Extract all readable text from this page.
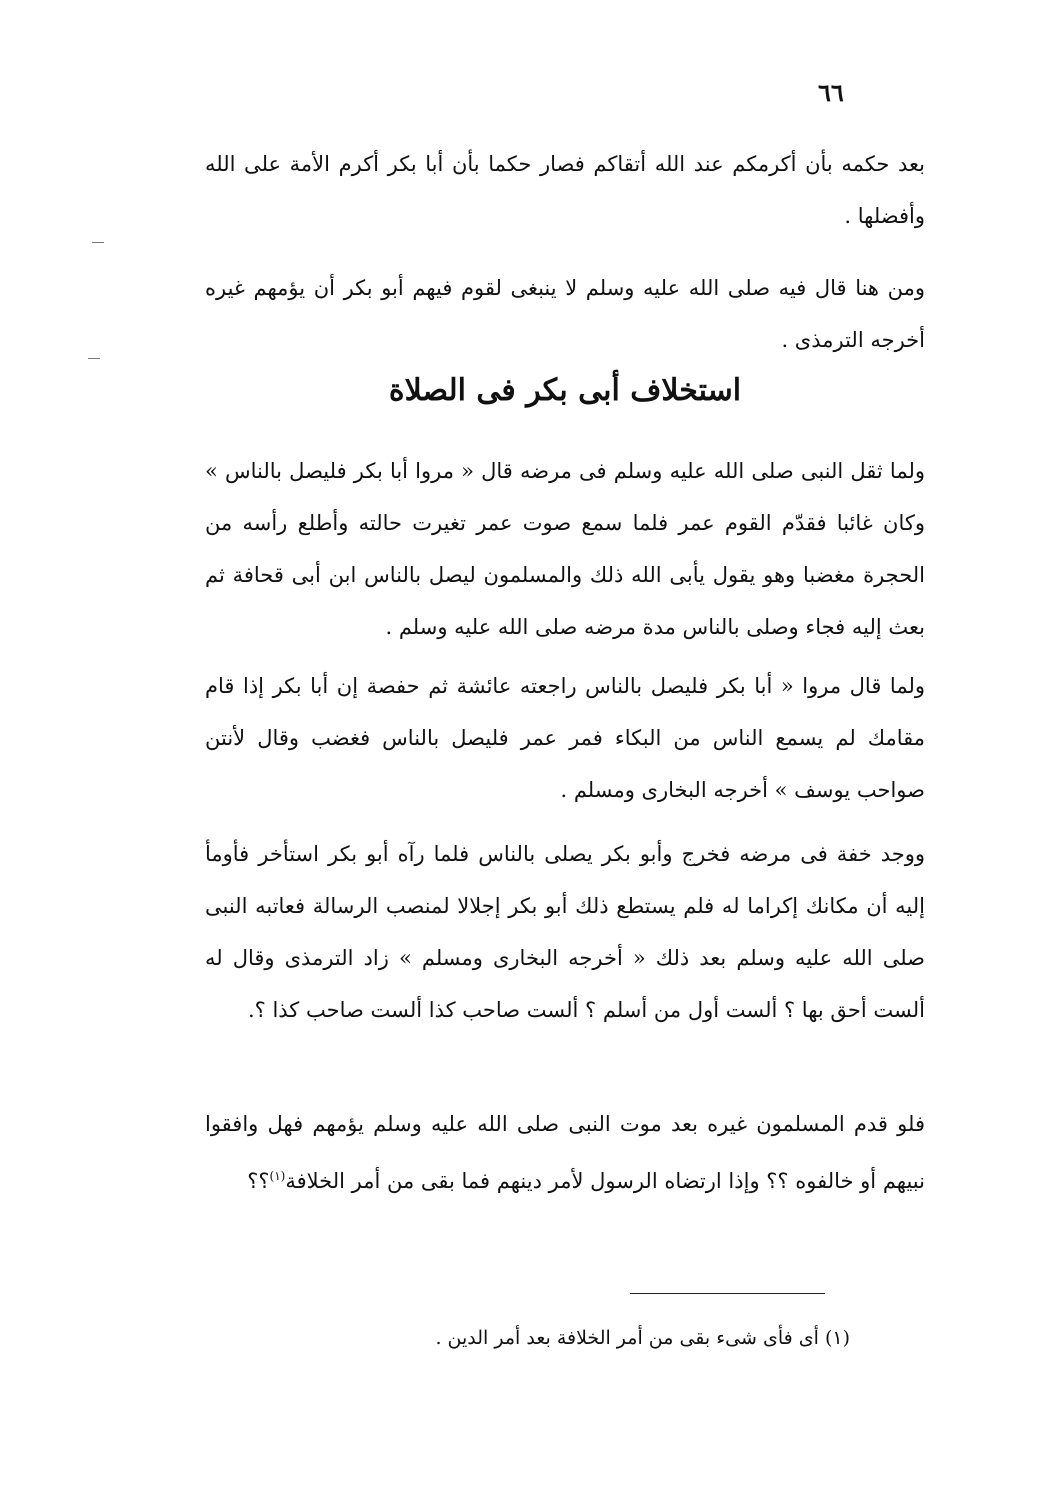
٦٦

بعد حكمه بأن أكرمكم عند الله أتقاكم فصار حكما بأن أبا بكر أكرم الأمة على الله وأفضلها .

ومن هنا قال فيه صلى الله عليه وسلم لا ينبغى لقوم فيهم أبو بكر أن يؤمهم غيره أخرجه الترمذى .

استخلاف أبى بكر فى الصلاة

ولما ثقل النبى صلى الله عليه وسلم فى مرضه قال « مروا أبا بكر فليصل بالناس » وكان غائبا فقدّم القوم عمر فلما سمع صوت عمر تغيرت حالته وأطلع رأسه من الحجرة مغضبا وهو يقول يأبى الله ذلك والمسلمون ليصل بالناس ابن أبى قحافة ثم بعث إليه فجاء وصلى بالناس مدة مرضه صلى الله عليه وسلم .

ولما قال مروا « أبا بكر فليصل بالناس راجعته عائشة ثم حفصة إن أبا بكر إذا قام مقامك لم يسمع الناس من البكاء فمر عمر فليصل بالناس فغضب وقال لأنتن صواحب يوسف » أخرجه البخارى ومسلم .

ووجد خفة فى مرضه فخرج وأبو بكر يصلى بالناس فلما رآه أبو بكر استأخر فأومأ إليه أن مكانك إكراما له فلم يستطع ذلك أبو بكر إجلالا لمنصب الرسالة فعاتبه النبى صلى الله عليه وسلم بعد ذلك « أخرجه البخارى ومسلم » زاد الترمذى وقال له ألست أحق بها ؟ ألست أول من أسلم ؟ ألست صاحب كذا ألست صاحب كذا ؟.

فلو قدم المسلمون غيره بعد موت النبى صلى الله عليه وسلم يؤمهم فهل وافقوا نبيهم أو خالفوه ؟؟ وإذا ارتضاه الرسول لأمر دينهم فما بقى من أمر الخلافة$^{(١)}$؟؟

(١) أى فأى شىء بقى من أمر الخلافة بعد أمر الدين .
